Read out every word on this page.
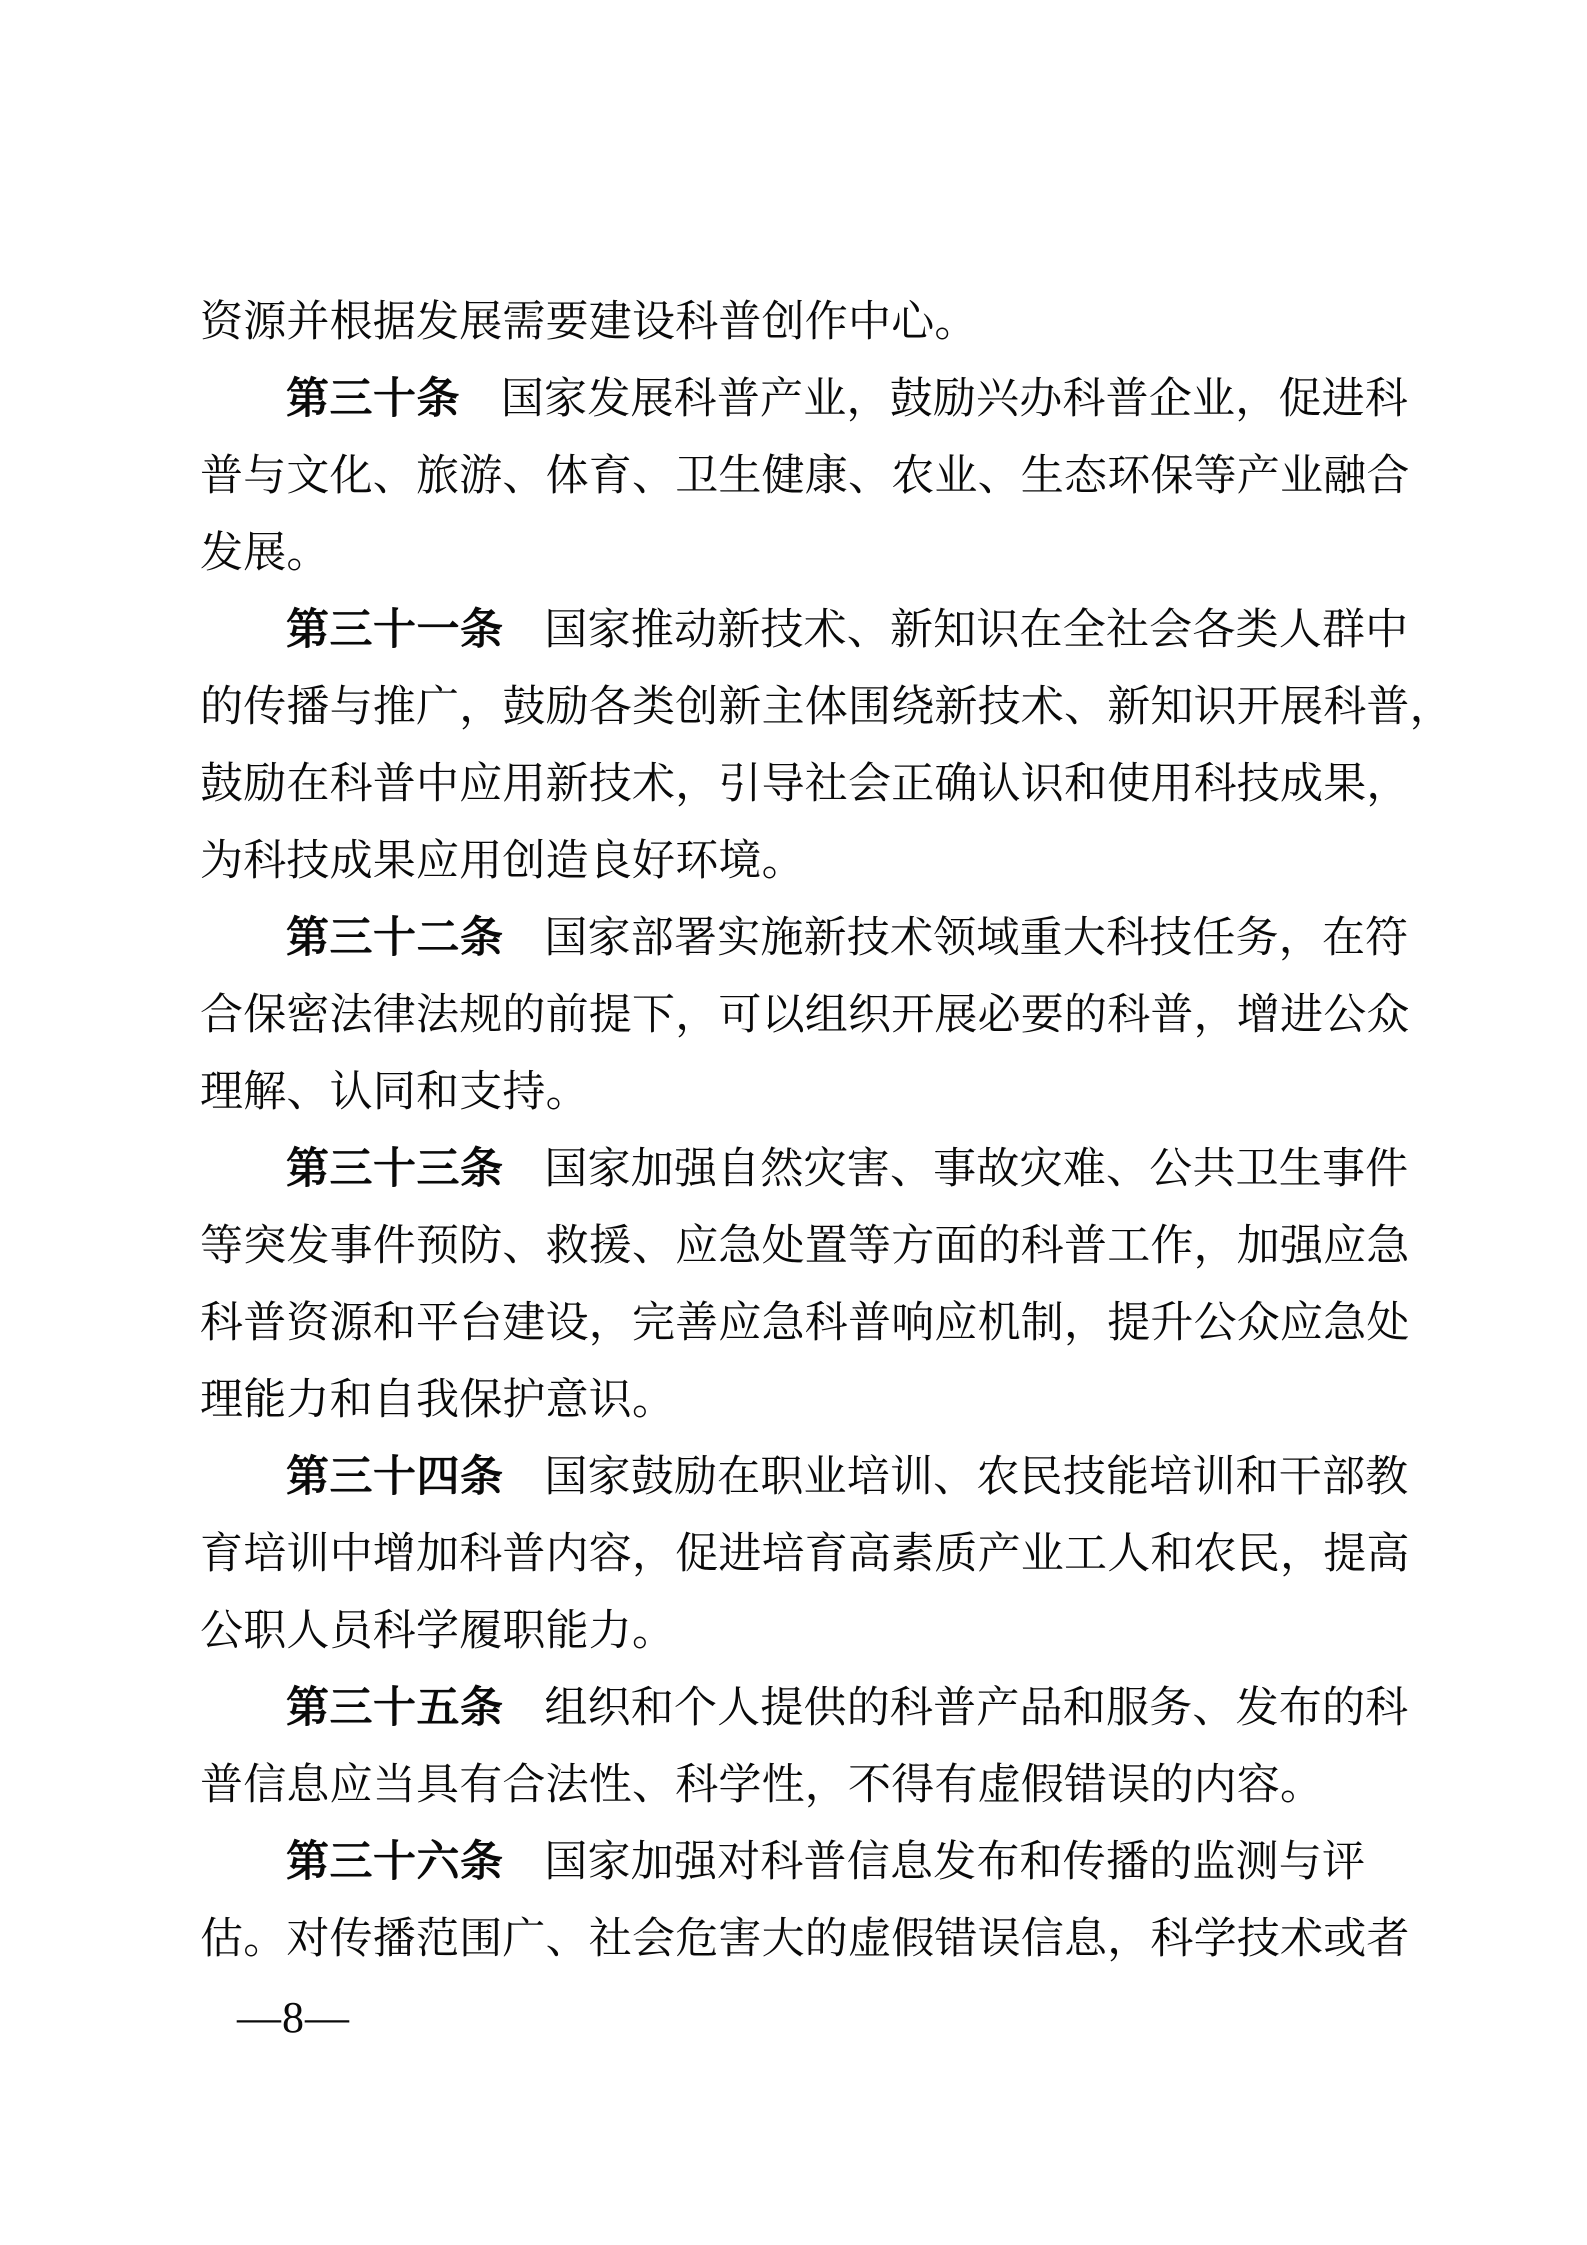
资源并根据发展需要建设科普创作中心。
第三十条 国家发展科普产业，鼓励兴办科普企业，促进科
普与文化、旅游、体育、卫生健康、农业、生态环保等产业融合
发展。
第三十一条 国家推动新技术、新知识在全社会各类人群中
的传播与推广，鼓励各类创新主体围绕新技术、新知识开展科普，
鼓励在科普中应用新技术，引导社会正确认识和使用科技成果，
为科技成果应用创造良好环境。
第三十二条 国家部署实施新技术领域重大科技任务，在符
合保密法律法规的前提下，可以组织开展必要的科普，增进公众
理解、认同和支持。
第三十三条 国家加强自然灾害、事故灾难、公共卫生事件
等突发事件预防、救援、应急处置等方面的科普工作，加强应急
科普资源和平台建设，完善应急科普响应机制，提升公众应急处
理能力和自我保护意识。
第三十四条 国家鼓励在职业培训、农民技能培训和干部教
育培训中增加科普内容，促进培育高素质产业工人和农民，提高
公职人员科学履职能力。
第三十五条 组织和个人提供的科普产品和服务、发布的科
普信息应当具有合法性、科学性，不得有虚假错误的内容。
第三十六条 国家加强对科普信息发布和传播的监测与评
估。对传播范围广、社会危害大的虚假错误信息，科学技术或者
—8—
